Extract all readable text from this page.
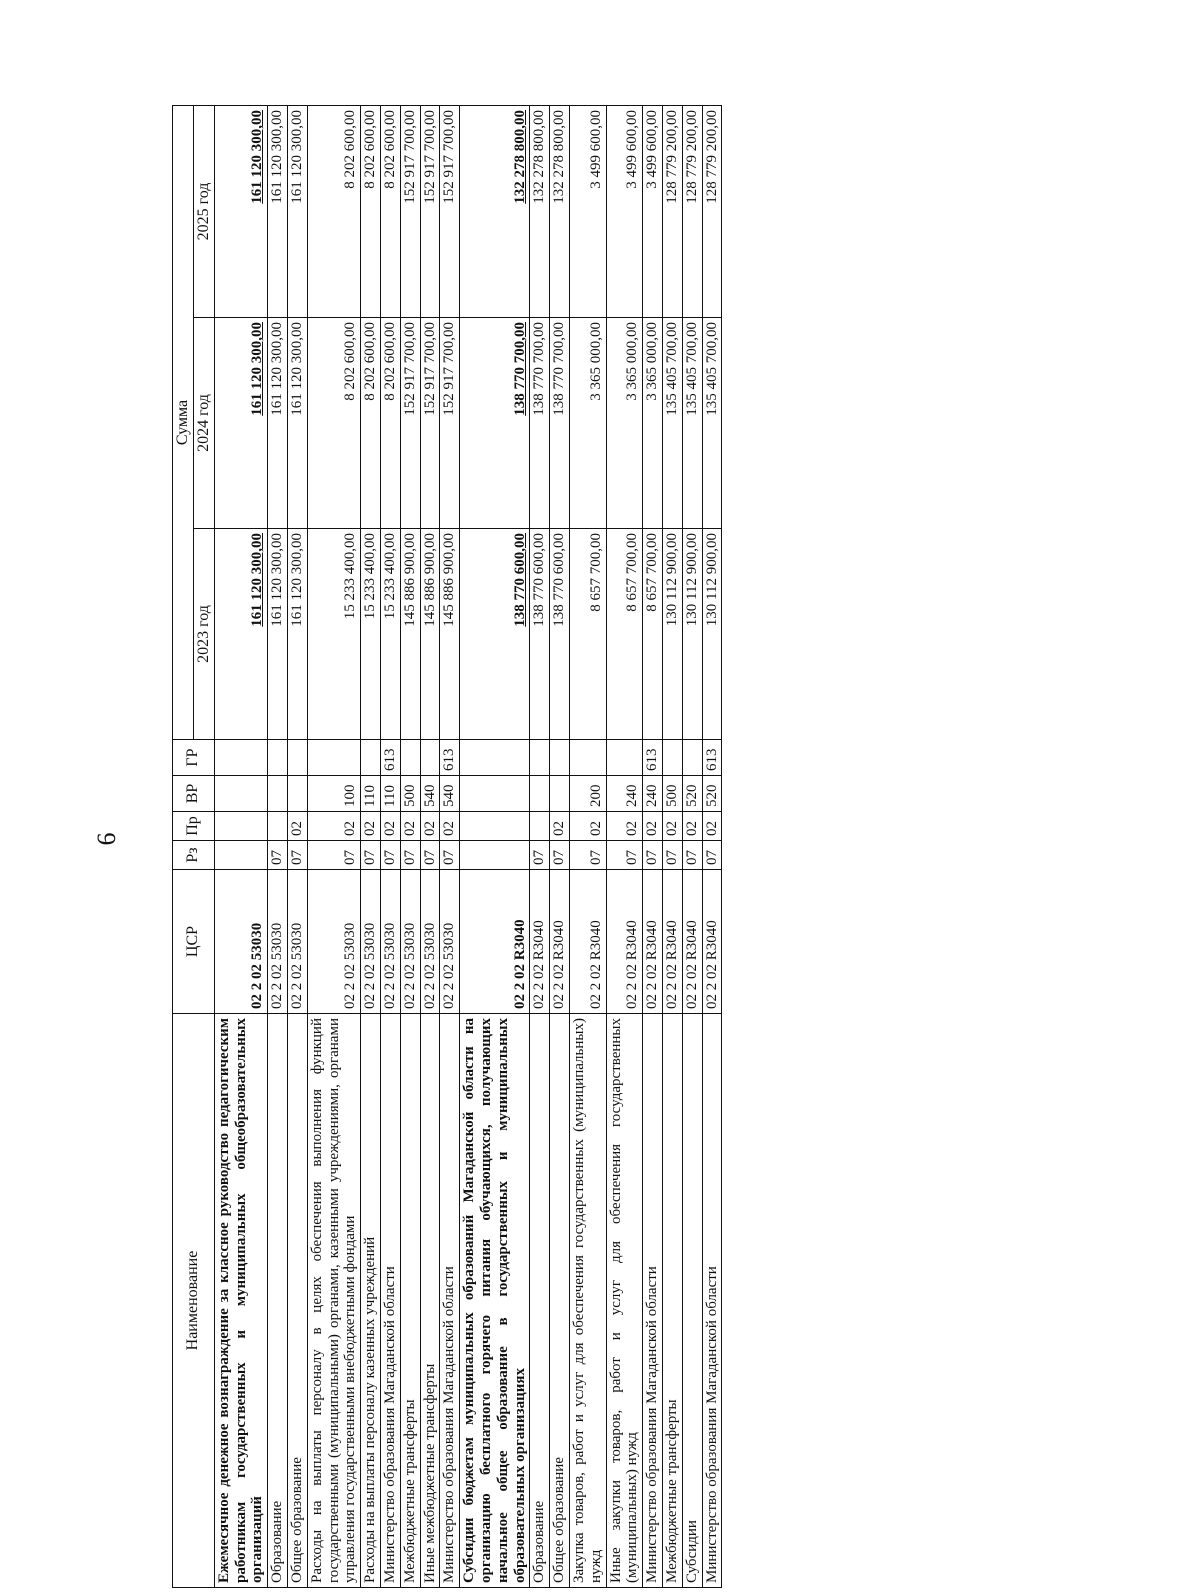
6
Наименование	ЦСР	Рз	Пр	ВР	ГР	Сумма		
						2023 год	2024 год	2025 год
Ежемесячное денежное вознаграждение за классное руководство педагогическим работникам государственных и муниципальных общеобразовательных организаций	02 2 02 53030					161 120 300,00	161 120 300,00	161 120 300,00
Образование	02 2 02 53030	07				161 120 300,00	161 120 300,00	161 120 300,00
Общее образование	02 2 02 53030	07	02			161 120 300,00	161 120 300,00	161 120 300,00
Расходы на выплаты персоналу в целях обеспечения выполнения функций государственными (муниципальными) органами, казенными учреждениями, органами управления государственными внебюджетными фондами	02 2 02 53030	07	02	100		15 233 400,00	8 202 600,00	8 202 600,00
Расходы на выплаты персоналу казенных учреждений	02 2 02 53030	07	02	110		15 233 400,00	8 202 600,00	8 202 600,00
Министерство образования Магаданской области	02 2 02 53030	07	02	110	613	15 233 400,00	8 202 600,00	8 202 600,00
Межбюджетные трансферты	02 2 02 53030	07	02	500		145 886 900,00	152 917 700,00	152 917 700,00
Иные межбюджетные трансферты	02 2 02 53030	07	02	540		145 886 900,00	152 917 700,00	152 917 700,00
Министерство образования Магаданской области	02 2 02 53030	07	02	540	613	145 886 900,00	152 917 700,00	152 917 700,00
Субсидии бюджетам муниципальных образований Магаданской области на организацию бесплатного горячего питания обучающихся, получающих начальное общее образование в государственных и муниципальных образовательных организациях	02 2 02 R3040					138 770 600,00	138 770 700,00	132 278 800,00
Образование	02 2 02 R3040	07				138 770 600,00	138 770 700,00	132 278 800,00
Общее образование	02 2 02 R3040	07	02			138 770 600,00	138 770 700,00	132 278 800,00
Закупка товаров, работ и услуг для обеспечения государственных (муниципальных) нужд	02 2 02 R3040	07	02	200		8 657 700,00	3 365 000,00	3 499 600,00
Иные закупки товаров, работ и услуг для обеспечения государственных (муниципальных) нужд	02 2 02 R3040	07	02	240		8 657 700,00	3 365 000,00	3 499 600,00
Министерство образования Магаданской области	02 2 02 R3040	07	02	240	613	8 657 700,00	3 365 000,00	3 499 600,00
Межбюджетные трансферты	02 2 02 R3040	07	02	500		130 112 900,00	135 405 700,00	128 779 200,00
Субсидии	02 2 02 R3040	07	02	520		130 112 900,00	135 405 700,00	128 779 200,00
Министерство образования Магаданской области	02 2 02 R3040	07	02	520	613	130 112 900,00	135 405 700,00	128 779 200,00
